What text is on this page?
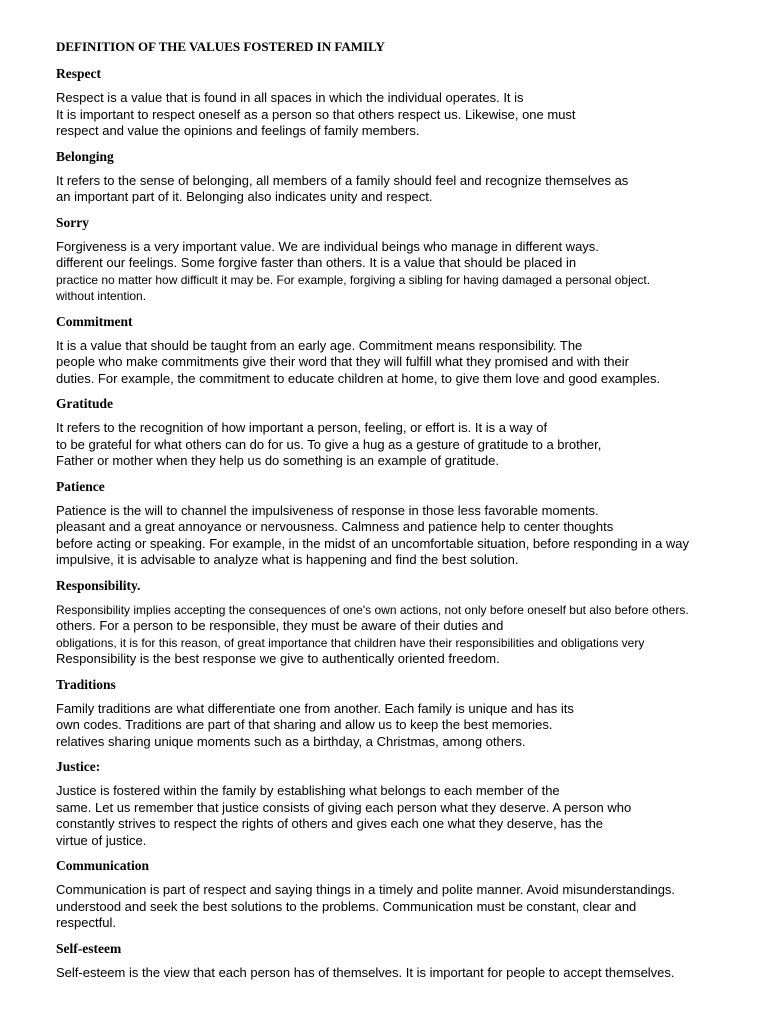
DEFINITION OF THE VALUES FOSTERED IN FAMILY
Respect
Respect is a value that is found in all spaces in which the individual operates. It is
It is important to respect oneself as a person so that others respect us. Likewise, one must
respect and value the opinions and feelings of family members.
Belonging
It refers to the sense of belonging, all members of a family should feel and recognize themselves as
an important part of it. Belonging also indicates unity and respect.
Sorry
Forgiveness is a very important value. We are individual beings who manage in different ways.
different our feelings. Some forgive faster than others. It is a value that should be placed in
practice no matter how difficult it may be. For example, forgiving a sibling for having damaged a personal object.
without intention.
Commitment
It is a value that should be taught from an early age. Commitment means responsibility. The
people who make commitments give their word that they will fulfill what they promised and with their
duties. For example, the commitment to educate children at home, to give them love and good examples.
Gratitude
It refers to the recognition of how important a person, feeling, or effort is. It is a way of
to be grateful for what others can do for us. To give a hug as a gesture of gratitude to a brother,
Father or mother when they help us do something is an example of gratitude.
Patience
Patience is the will to channel the impulsiveness of response in those less favorable moments.
pleasant and a great annoyance or nervousness. Calmness and patience help to center thoughts
before acting or speaking. For example, in the midst of an uncomfortable situation, before responding in a way
impulsive, it is advisable to analyze what is happening and find the best solution.
Responsibility.
Responsibility implies accepting the consequences of one's own actions, not only before oneself but also before others.
others. For a person to be responsible, they must be aware of their duties and
obligations, it is for this reason, of great importance that children have their responsibilities and obligations very
Responsibility is the best response we give to authentically oriented freedom.
Traditions
Family traditions are what differentiate one from another. Each family is unique and has its
own codes. Traditions are part of that sharing and allow us to keep the best memories.
relatives sharing unique moments such as a birthday, a Christmas, among others.
Justice:
Justice is fostered within the family by establishing what belongs to each member of the
same. Let us remember that justice consists of giving each person what they deserve. A person who
constantly strives to respect the rights of others and gives each one what they deserve, has the
virtue of justice.
Communication
Communication is part of respect and saying things in a timely and polite manner. Avoid misunderstandings.
understood and seek the best solutions to the problems. Communication must be constant, clear and
respectful.
Self-esteem
Self-esteem is the view that each person has of themselves. It is important for people to accept themselves.
